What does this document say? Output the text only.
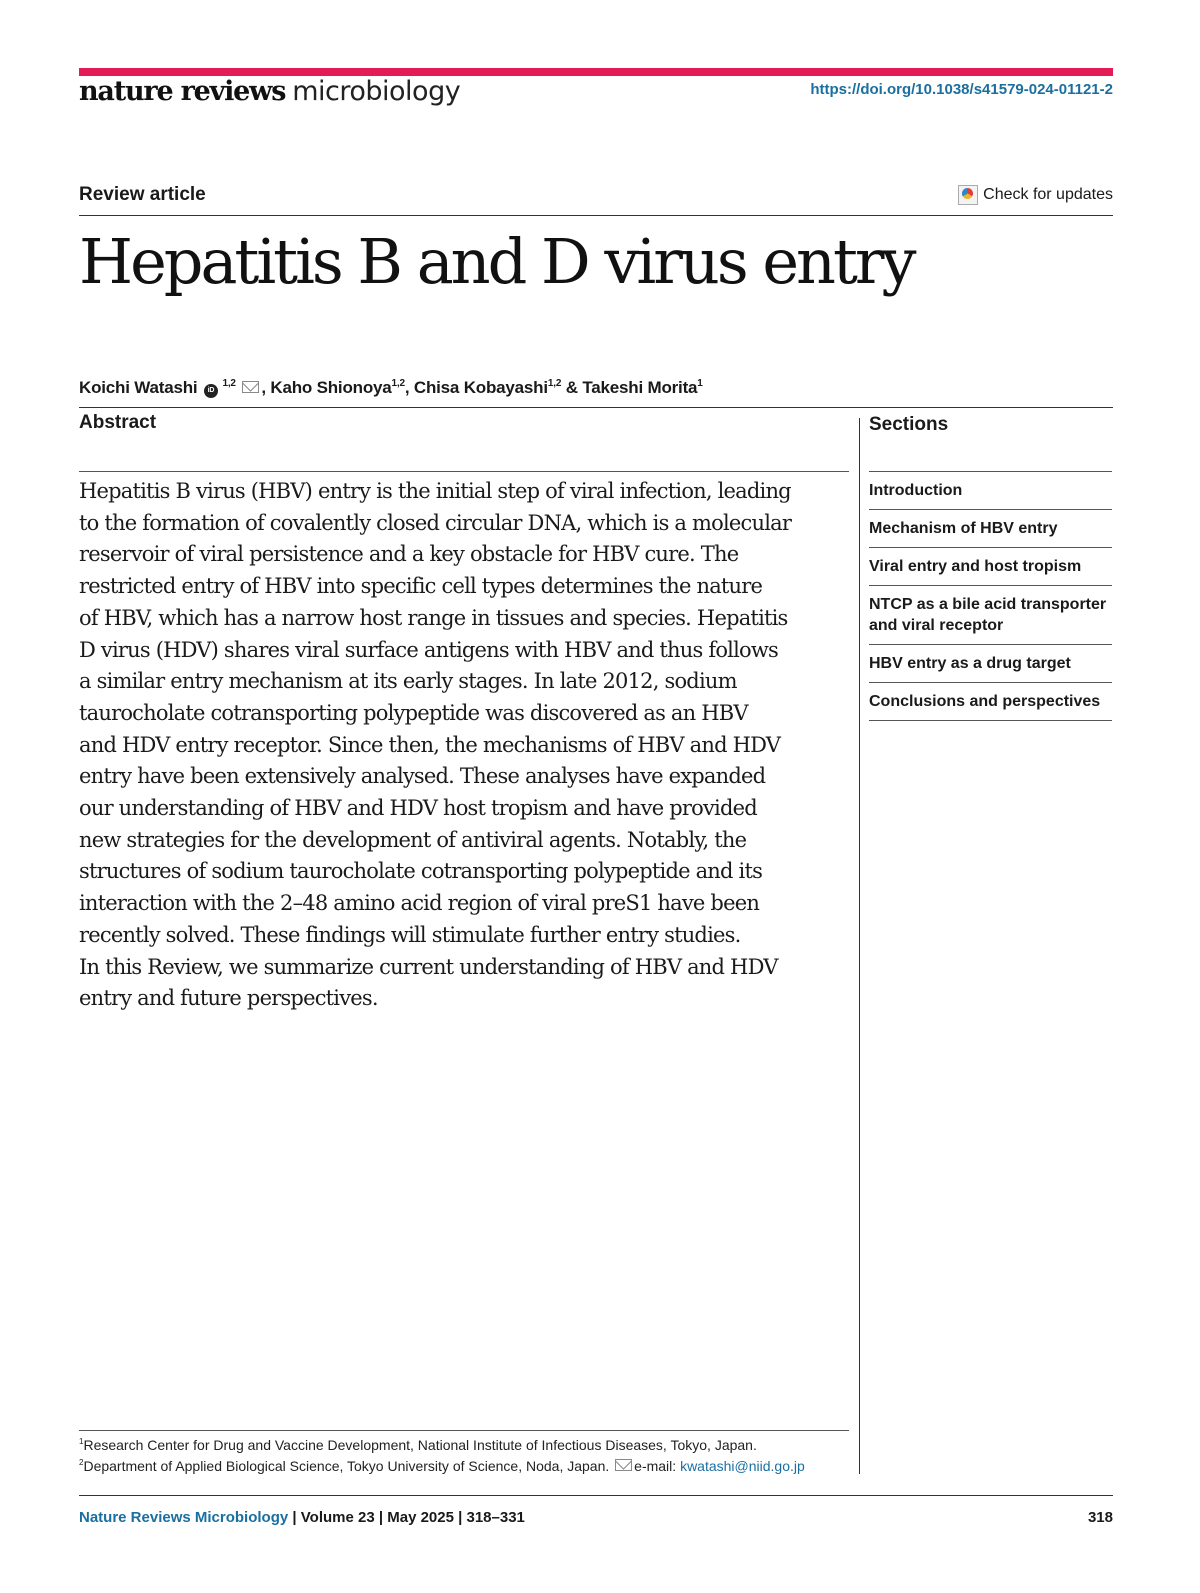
nature reviews microbiology	https://doi.org/10.1038/s41579-024-01121-2
Review article	Check for updates
Hepatitis B and D virus entry
Koichi Watashi iD $^{1,2}$ , Kaho Shionoya$^{1,2}$, Chisa Kobayashi$^{1,2}$ & Takeshi Morita$^1$
Abstract
Hepatitis B virus (HBV) entry is the initial step of viral infection, leading
to the formation of covalently closed circular DNA, which is a molecular
reservoir of viral persistence and a key obstacle for HBV cure. The
restricted entry of HBV into specific cell types determines the nature
of HBV, which has a narrow host range in tissues and species. Hepatitis
D virus (HDV) shares viral surface antigens with HBV and thus follows
a similar entry mechanism at its early stages. In late 2012, sodium
taurocholate cotransporting polypeptide was discovered as an HBV
and HDV entry receptor. Since then, the mechanisms of HBV and HDV
entry have been extensively analysed. These analyses have expanded
our understanding of HBV and HDV host tropism and have provided
new strategies for the development of antiviral agents. Notably, the
structures of sodium taurocholate cotransporting polypeptide and its
interaction with the 2–48 amino acid region of viral preS1 have been
recently solved. These findings will stimulate further entry studies.
In this Review, we summarize current understanding of HBV and HDV
entry and future perspectives.
Sections
Introduction
Mechanism of HBV entry
Viral entry and host tropism
NTCP as a bile acid transporter and viral receptor
HBV entry as a drug target
Conclusions and perspectives
$^1$Research Center for Drug and Vaccine Development, National Institute of Infectious Diseases, Tokyo, Japan.
$^2$Department of Applied Biological Science, Tokyo University of Science, Noda, Japan. e-mail: kwatashi@niid.go.jp
Nature Reviews Microbiology | Volume 23 | May 2025 | 318–331	318
